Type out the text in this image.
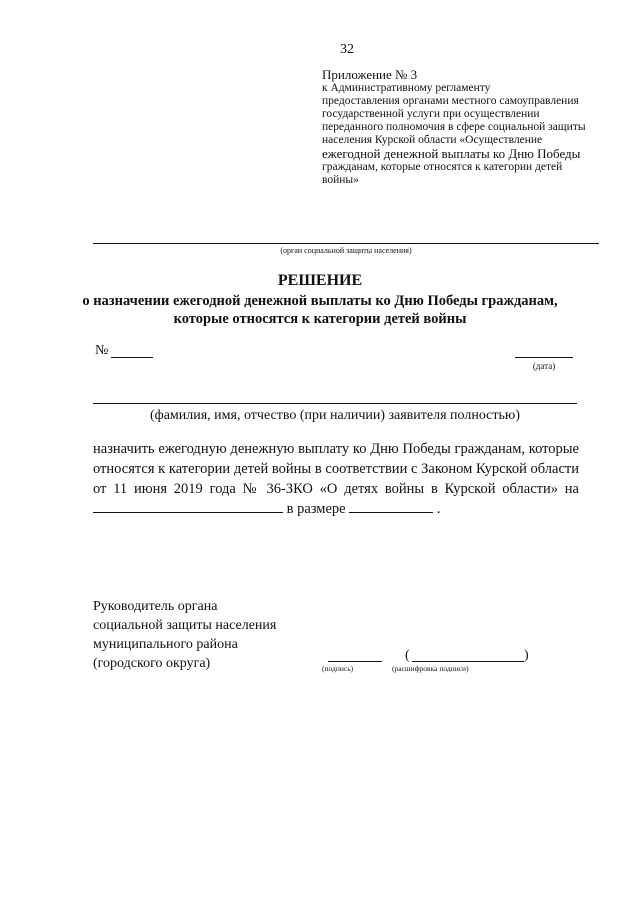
32
Приложение № 3
к Административному регламенту
предоставления органами местного самоуправления
государственной услуги при осуществлении
переданного полномочия в сфере социальной защиты
населения Курской области «Осуществление
ежегодной денежной выплаты ко Дню Победы
гражданам, которые относятся к категории детей
войны»
(орган социальной защиты населения)
РЕШЕНИЕ
о назначении ежегодной денежной выплаты ко Дню Победы гражданам,
которые относятся к категории детей войны
№
(дата)
(фамилия, имя, отчество (при наличии) заявителя полностью)
назначить ежегодную денежную выплату ко Дню Победы гражданам, которые относятся к категории детей войны в соответствии с Законом Курской области от 11 июня 2019 года № 36-ЗКО «О детях войны в Курской области» на  в размере	.
Руководитель органа
социальной защиты населения
муниципального района
(городского округа)	(подпись)
(	)
(расшифровка подписи)
